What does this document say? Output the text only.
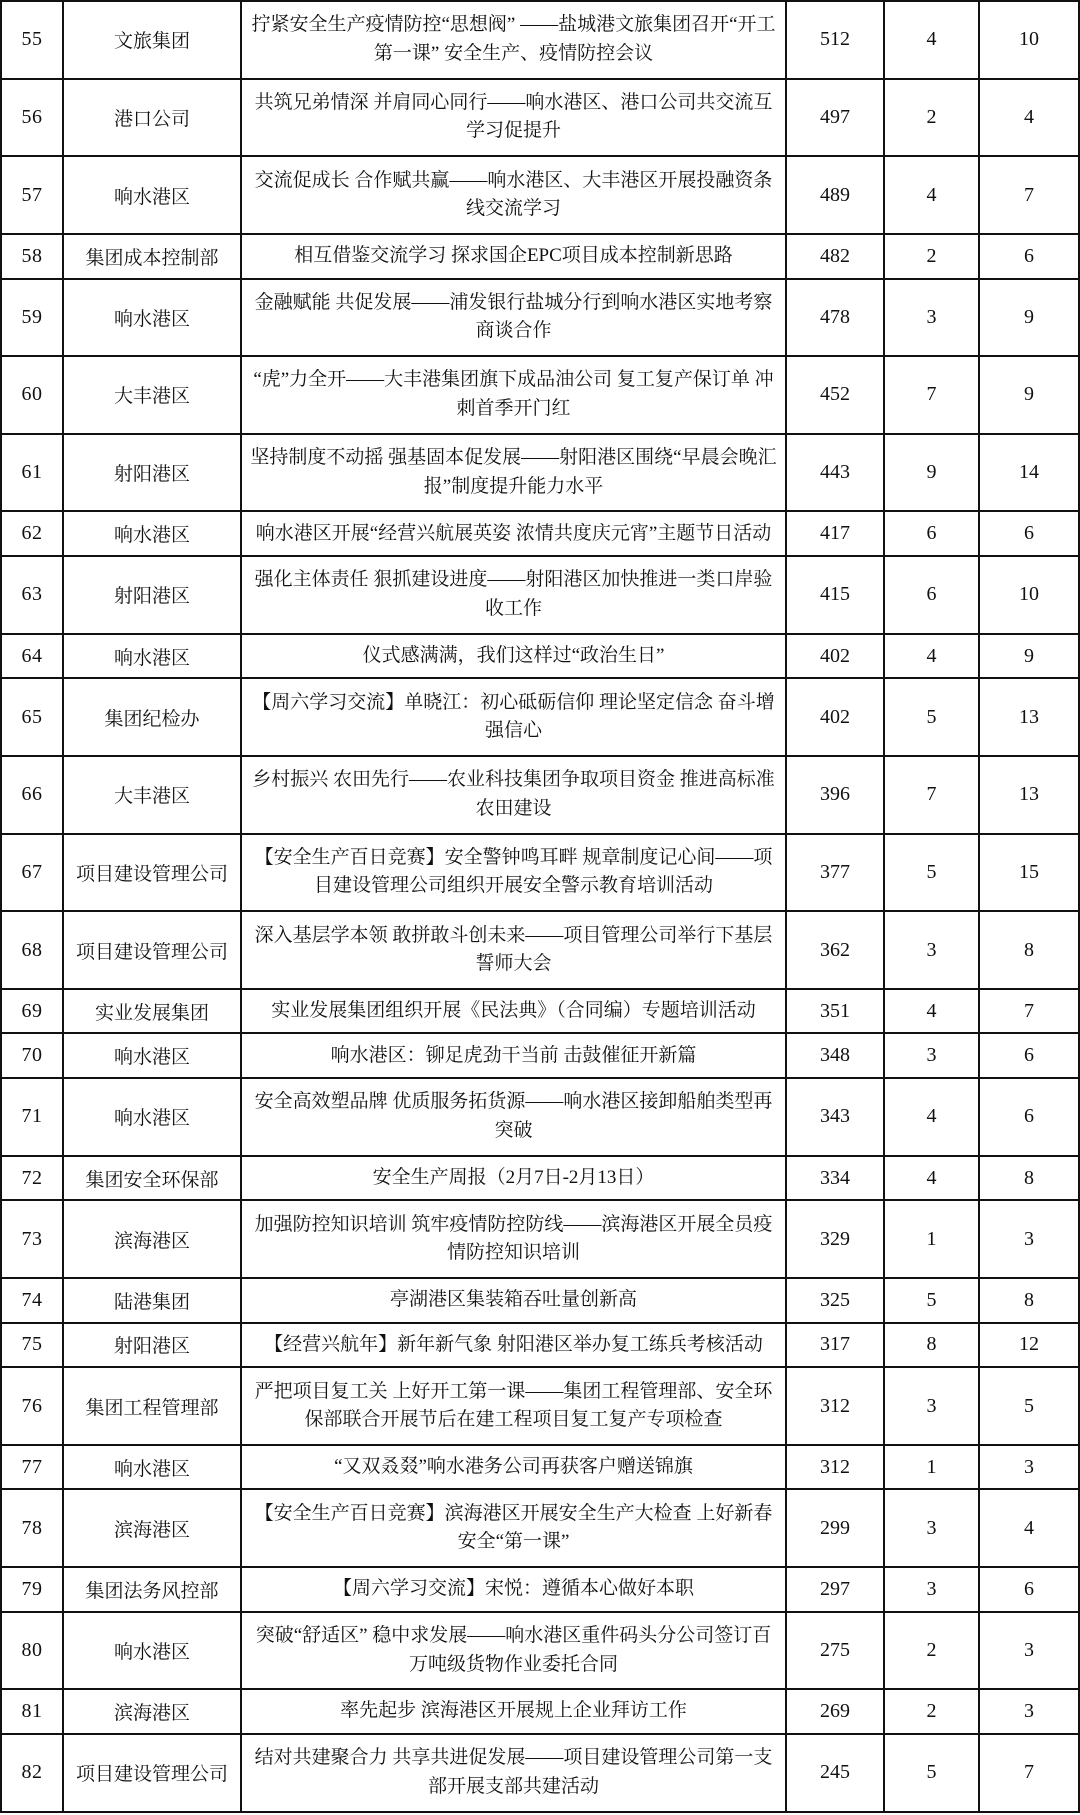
55	文旅集团	拧紧安全生产疫情防控“思想阀” ——盐城港文旅集团召开“开工第一课” 安全生产、疫情防控会议	512	4	10
56	港口公司	共筑兄弟情深 并肩同心同行——响水港区、港口公司共交流互学习促提升	497	2	4
57	响水港区	交流促成长 合作赋共赢——响水港区、大丰港区开展投融资条线交流学习	489	4	7
58	集团成本控制部	相互借鉴交流学习 探求国企EPC项目成本控制新思路	482	2	6
59	响水港区	金融赋能 共促发展——浦发银行盐城分行到响水港区实地考察商谈合作	478	3	9
60	大丰港区	“虎”力全开——大丰港集团旗下成品油公司 复工复产保订单 冲刺首季开门红	452	7	9
61	射阳港区	坚持制度不动摇 强基固本促发展——射阳港区围绕“早晨会晚汇报”制度提升能力水平	443	9	14
62	响水港区	响水港区开展“经营兴航展英姿 浓情共度庆元宵”主题节日活动	417	6	6
63	射阳港区	强化主体责任 狠抓建设进度——射阳港区加快推进一类口岸验收工作	415	6	10
64	响水港区	仪式感满满，我们这样过“政治生日”	402	4	9
65	集团纪检办	【周六学习交流】单晓江：初心砥砺信仰 理论坚定信念 奋斗增强信心	402	5	13
66	大丰港区	乡村振兴 农田先行——农业科技集团争取项目资金 推进高标准农田建设	396	7	13
67	项目建设管理公司	【安全生产百日竞赛】安全警钟鸣耳畔 规章制度记心间——项目建设管理公司组织开展安全警示教育培训活动	377	5	15
68	项目建设管理公司	深入基层学本领 敢拼敢斗创未来——项目管理公司举行下基层誓师大会	362	3	8
69	实业发展集团	实业发展集团组织开展《民法典》（合同编）专题培训活动	351	4	7
70	响水港区	响水港区：铆足虎劲干当前 击鼓催征开新篇	348	3	6
71	响水港区	安全高效塑品牌 优质服务拓货源——响水港区接卸船舶类型再突破	343	4	6
72	集团安全环保部	安全生产周报（2月7日-2月13日）	334	4	8
73	滨海港区	加强防控知识培训 筑牢疫情防控防线——滨海港区开展全员疫情防控知识培训	329	1	3
74	陆港集团	亭湖港区集装箱吞吐量创新高	325	5	8
75	射阳港区	【经营兴航年】新年新气象 射阳港区举办复工练兵考核活动	317	8	12
76	集团工程管理部	严把项目复工关 上好开工第一课——集团工程管理部、安全环保部联合开展节后在建工程项目复工复产专项检查	312	3	5
77	响水港区	“又双叒叕”响水港务公司再获客户赠送锦旗	312	1	3
78	滨海港区	【安全生产百日竞赛】滨海港区开展安全生产大检查 上好新春安全“第一课”	299	3	4
79	集团法务风控部	【周六学习交流】宋悦：遵循本心做好本职	297	3	6
80	响水港区	突破“舒适区” 稳中求发展——响水港区重件码头分公司签订百万吨级货物作业委托合同	275	2	3
81	滨海港区	率先起步 滨海港区开展规上企业拜访工作	269	2	3
82	项目建设管理公司	结对共建聚合力 共享共进促发展——项目建设管理公司第一支部开展支部共建活动	245	5	7
